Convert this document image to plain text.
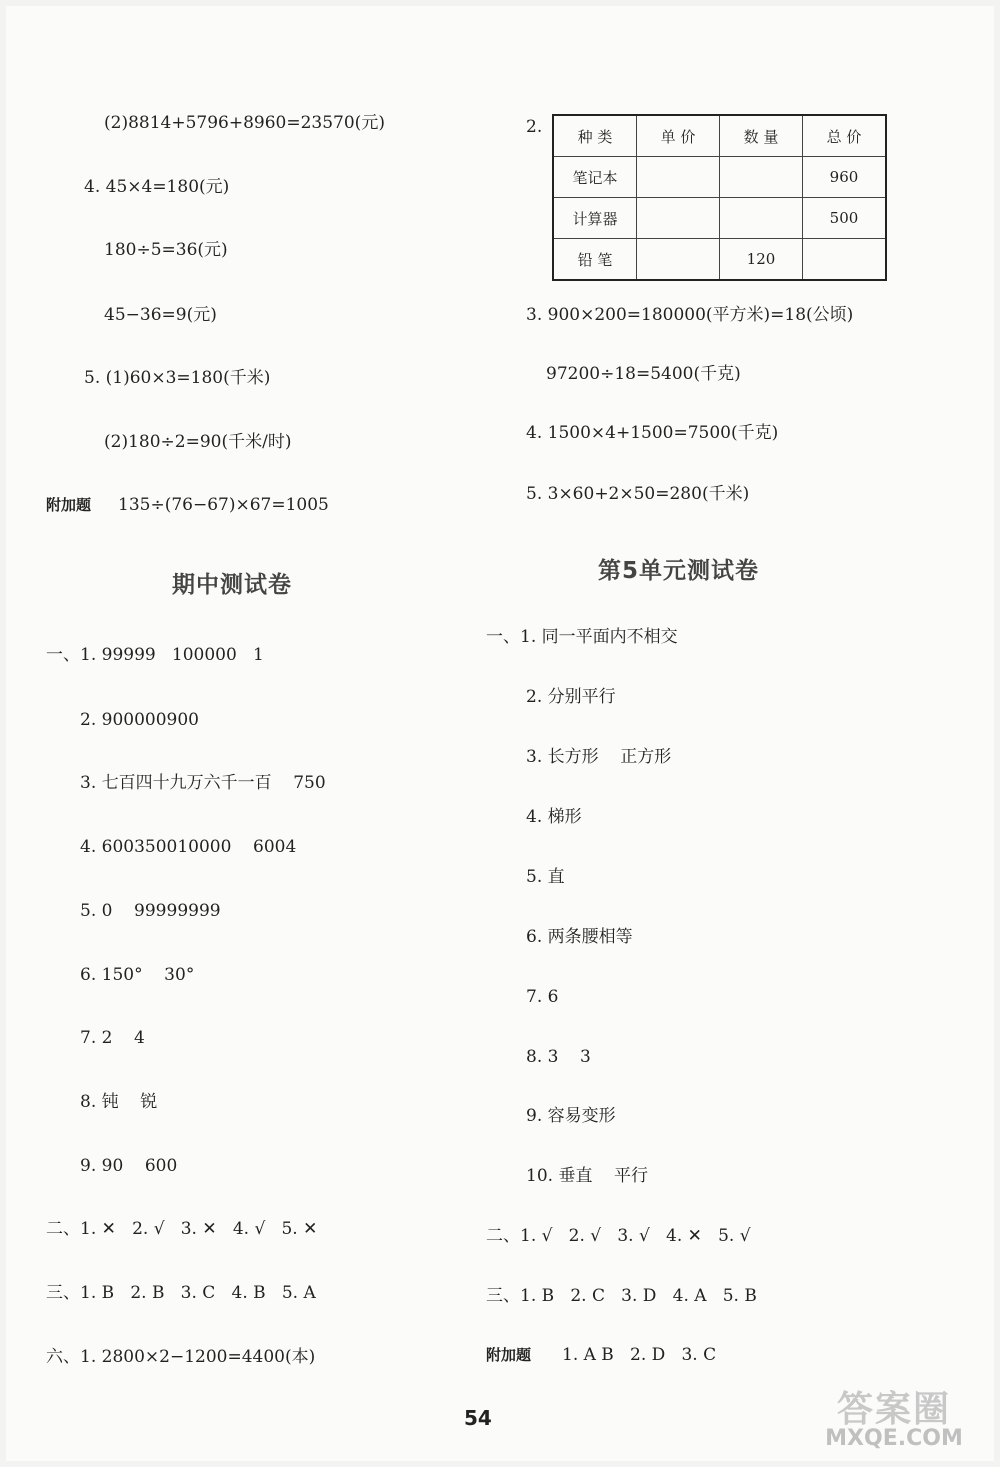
(2)8814+5796+8960=23570(元)
4. 45×4=180(元)
180÷5=36(元)
45−36=9(元)
5. (1)60×3=180(千米)
(2)180÷2=90(千米/时)
附加题 135÷(76−67)×67=1005
期中测试卷
一、1. 99999   100000   1
2. 900000900
3. 七百四十九万六千一百    750
4. 600350010000    6004
5. 0    99999999
6. 150°    30°
7. 2    4
8. 钝    锐
9. 90    600
二、1. ✕   2. √   3. ✕   4. √   5. ✕
三、1. B   2. B   3. C   4. B   5. A
六、1. 2800×2−1200=4400(本)
2. 种 类	单 价	数 量	总 价
笔记本			960
计算器			500
铅 笔		120	
3. 900×200=180000(平方米)=18(公顷)
97200÷18=5400(千克)
4. 1500×4+1500=7500(千克)
5. 3×60+2×50=280(千米)
第5单元测试卷
一、1. 同一平面内不相交
2. 分别平行
3. 长方形    正方形
4. 梯形
5. 直
6. 两条腰相等
7. 6
8. 3    3
9. 容易变形
10. 垂直    平行
二、1. √   2. √   3. √   4. ✕   5. √
三、1. B   2. C   3. D   4. A   5. B
附加题 1. A B   2. D   3. C
54	答案圈
MXQE.COM
